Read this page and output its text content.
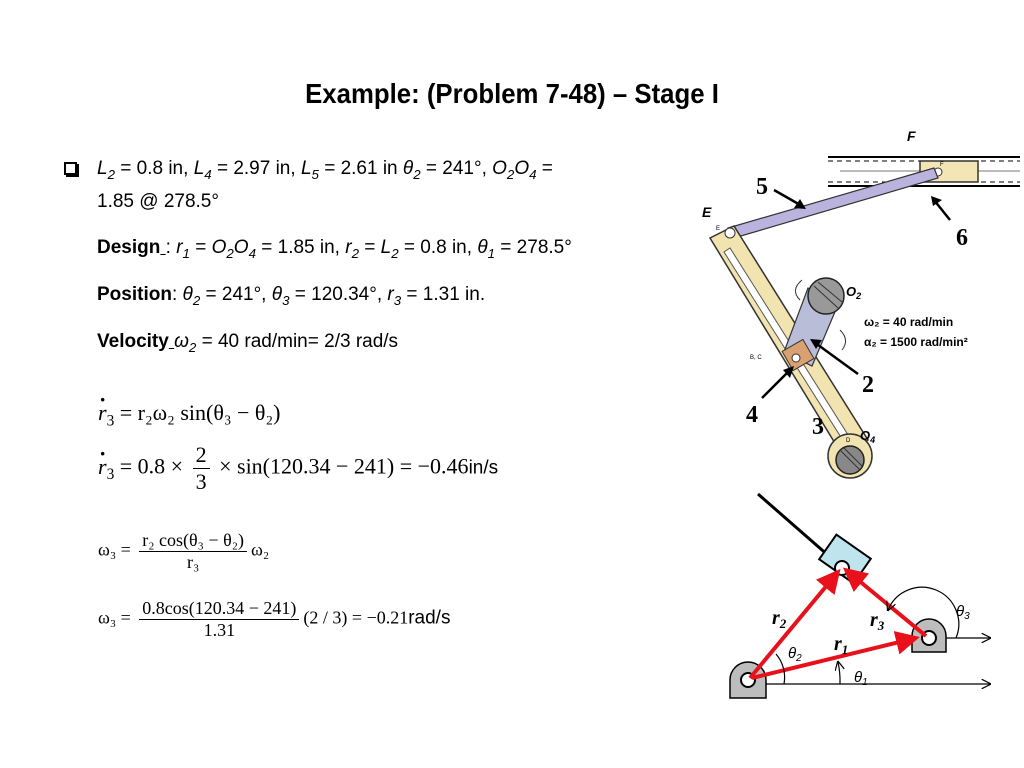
Example: (Problem 7-48) – Stage I
$L_2 = 0.8$ in, $L_4 = 2.97$ in, $L_5 = 2.61$ in $\theta_2 = 241^\circ$, $O_2O_4$ =
1.85 @ 278.5°
Design : $r_1 = O_2O_4 = 1.85$ in, $r_2 = L_2 = 0.8$ in, $\theta_1 = 278.5^\circ$
Position: $\theta_2 = 241^\circ$, $\theta_3 = 120.34^\circ$, $r_3 = 1.31$ in.
Velocity $\omega_2 = 40$ rad/min= 2/3 rad/s
· $r_3 = r_2\omega_2$ sin(θ₃ − θ₂)
· $r_3 = 0.8 \times \frac{2}{3} \times \sin(120.34 - 241) = -0.46in/s$
$\omega_3 = \frac{\text{r₂ cos(θ₃ − θ₂)}}{\text{r₃}} \omega_2$
$\omega_3 = \frac{0.8\cos(120.34 - 241)}{1.31} (2 / 3) = -0.21rad/s$
F
E
5
6
2
4 3
$O_2$
$O_4$
ω₂ = 40 rad/min
α₂ = 1500 rad/min²
B, C
E
F
D
$r_2$	$r_3$
$r_1$
$\theta_2$
$\theta_1$
$\theta_3$
